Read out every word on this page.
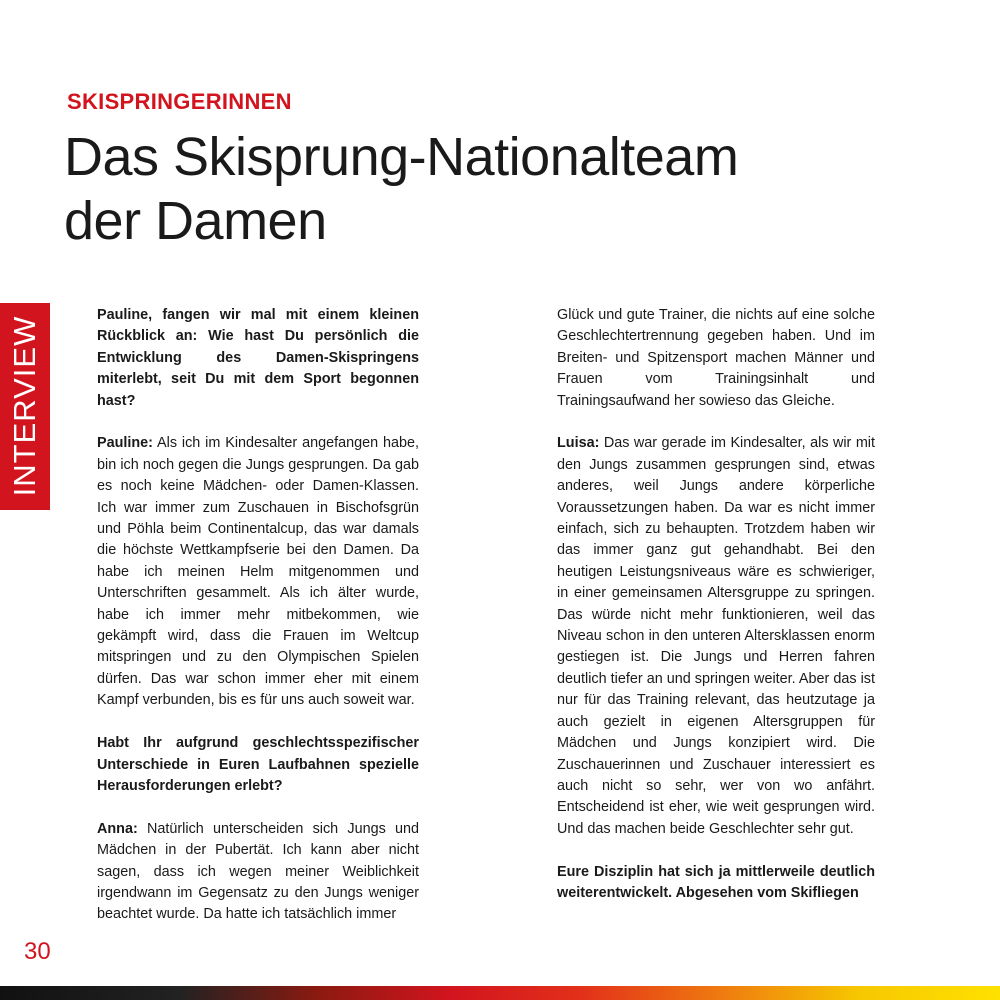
SKISPRINGERINNEN
Das Skisprung-Nationalteam
der Damen
INTERVIEW

Pauline, fangen wir mal mit einem kleinen Rückblick an: Wie hast Du persönlich die Entwicklung des Damen-Skispringens miterlebt, seit Du mit dem Sport begonnen hast?

Pauline: Als ich im Kindesalter angefangen habe, bin ich noch gegen die Jungs gesprungen. Da gab es noch keine Mädchen- oder Damen-Klassen. Ich war immer zum Zuschauen in Bischofsgrün und Pöhla beim Continentalcup, das war damals die höchste Wettkampfserie bei den Damen. Da habe ich meinen Helm mitgenommen und Unterschriften gesammelt. Als ich älter wurde, habe ich immer mehr mitbekommen, wie gekämpft wird, dass die Frauen im Weltcup mitspringen und zu den Olympischen Spielen dürfen. Das war schon immer eher mit einem Kampf verbunden, bis es für uns auch soweit war.

Habt Ihr aufgrund geschlechtsspezifischer Unterschiede in Euren Laufbahnen spezielle Herausforderungen erlebt?

Anna: Natürlich unterscheiden sich Jungs und Mädchen in der Pubertät. Ich kann aber nicht sagen, dass ich wegen meiner Weiblichkeit irgendwann im Gegensatz zu den Jungs weniger beachtet wurde. Da hatte ich tatsächlich immer

Glück und gute Trainer, die nichts auf eine solche Geschlechtertrennung gegeben haben. Und im Breiten- und Spitzensport machen Männer und Frauen vom Trainingsinhalt und Trainingsaufwand her sowieso das Gleiche.

Luisa: Das war gerade im Kindesalter, als wir mit den Jungs zusammen gesprungen sind, etwas anderes, weil Jungs andere körperliche Voraussetzungen haben. Da war es nicht immer einfach, sich zu behaupten. Trotzdem haben wir das immer ganz gut gehandhabt. Bei den heutigen Leistungsniveaus wäre es schwieriger, in einer gemeinsamen Altersgruppe zu springen. Das würde nicht mehr funktionieren, weil das Niveau schon in den unteren Altersklassen enorm gestiegen ist. Die Jungs und Herren fahren deutlich tiefer an und springen weiter. Aber das ist nur für das Training relevant, das heutzutage ja auch gezielt in eigenen Altersgruppen für Mädchen und Jungs konzipiert wird. Die Zuschauerinnen und Zuschauer interessiert es auch nicht so sehr, wer von wo anfährt. Entscheidend ist eher, wie weit gesprungen wird. Und das machen beide Geschlechter sehr gut.

Eure Disziplin hat sich ja mittlerweile deutlich weiterentwickelt. Abgesehen vom Skifliegen

30
